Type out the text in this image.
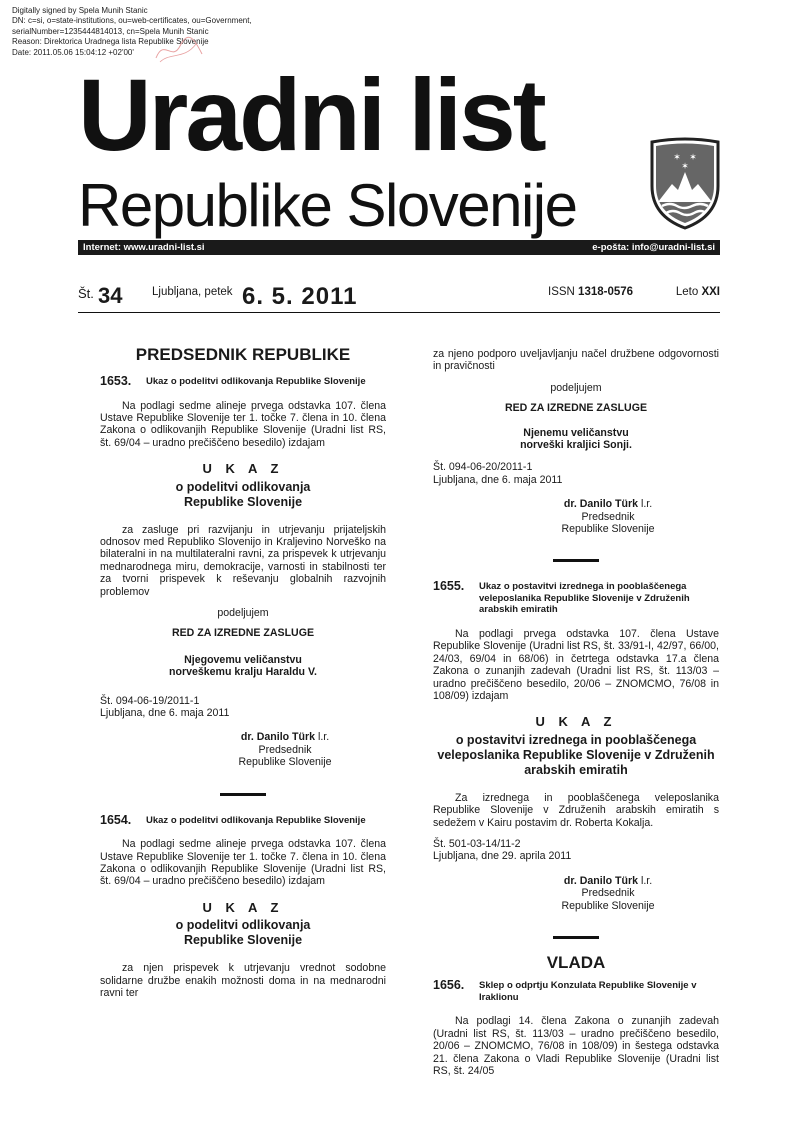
Digitally signed by Spela Munih Stanic
DN: c=si, o=state-institutions, ou=web-certificates, ou=Government,
serialNumber=1235444814013, cn=Spela Munih Stanic
Reason: Direktorica Uradnega lista Republike Slovenije
Date: 2011.05.06 15:04:12 +02'00'
Uradni list
Republike Slovenije
✶ ✶
✶
Internet: www.uradni-list.si	e-pošta: info@uradni-list.si
Št. 34	Ljubljana, petek 6. 5. 2011	ISSN 1318-0576	Leto XXI
PREDSEDNIK REPUBLIKE
1653.	Ukaz o podelitvi odlikovanja Republike Slovenije

Na podlagi sedme alineje prvega odstavka 107. člena Ustave Republike Slovenije ter 1. točke 7. člena in 10. člena Zakona o odlikovanjih Republike Slovenije (Uradni list RS, št. 69/04 – uradno prečiščeno besedilo) izdajam

U K A Z
o podelitvi odlikovanja
Republike Slovenije

za zasluge pri razvijanju in utrjevanju prijateljskih odnosov med Republiko Slovenijo in Kraljevino Norveško na bilateralni in na multilateralni ravni, za prispevek k utrjevanju mednarodnega miru, demokracije, varnosti in stabilnosti ter za tvorni prispevek k reševanju globalnih razvojnih problemov

podeljujem
RED ZA IZREDNE ZASLUGE
Njegovemu veličanstvu
norveškemu kralju Haraldu V.
Št. 094-06-19/2011-1
Ljubljana, dne 6. maja 2011
dr. Danilo Türk l.r.
Predsednik
Republike Slovenije
1654.	Ukaz o podelitvi odlikovanja Republike Slovenije

Na podlagi sedme alineje prvega odstavka 107. člena Ustave Republike Slovenije ter 1. točke 7. člena in 10. člena Zakona o odlikovanjih Republike Slovenije (Uradni list RS, št. 69/04 – uradno prečiščeno besedilo) izdajam

U K A Z
o podelitvi odlikovanja
Republike Slovenije

za njen prispevek k utrjevanju vrednot sodobne solidarne družbe enakih možnosti doma in na mednarodni ravni ter

za njeno podporo uveljavljanju načel družbene odgovornosti in pravičnosti

podeljujem
RED ZA IZREDNE ZASLUGE
Njenemu veličanstvu
norveški kraljici Sonji.
Št. 094-06-20/2011-1
Ljubljana, dne 6. maja 2011
dr. Danilo Türk l.r.
Predsednik
Republike Slovenije
1655.	Ukaz o postavitvi izrednega in pooblaščenega veleposlanika Republike Slovenije v Združenih arabskih emiratih

Na podlagi prvega odstavka 107. člena Ustave Republike Slovenije (Uradni list RS, št. 33/91-I, 42/97, 66/00, 24/03, 69/04 in 68/06) in četrtega odstavka 17.a člena Zakona o zunanjih zadevah (Uradni list RS, št. 113/03 – uradno prečiščeno besedilo, 20/06 – ZNOMCMO, 76/08 in 108/09) izdajam

U K A Z
o postavitvi izrednega in pooblaščenega
veleposlanika Republike Slovenije v Združenih
arabskih emiratih

Za izrednega in pooblaščenega veleposlanika Republike Slovenije v Združenih arabskih emiratih s sedežem v Kairu postavim dr. Roberta Kokalja.

Št. 501-03-14/11-2
Ljubljana, dne 29. aprila 2011
dr. Danilo Türk l.r.
Predsednik
Republike Slovenije
VLADA
1656.	Sklep o odprtju Konzulata Republike Slovenije v Iraklionu

Na podlagi 14. člena Zakona o zunanjih zadevah (Uradni list RS, št. 113/03 – uradno prečiščeno besedilo, 20/06 – ZNOMCMO, 76/08 in 108/09) in šestega odstavka 21. člena Zakona o Vladi Republike Slovenije (Uradni list RS, št. 24/05
